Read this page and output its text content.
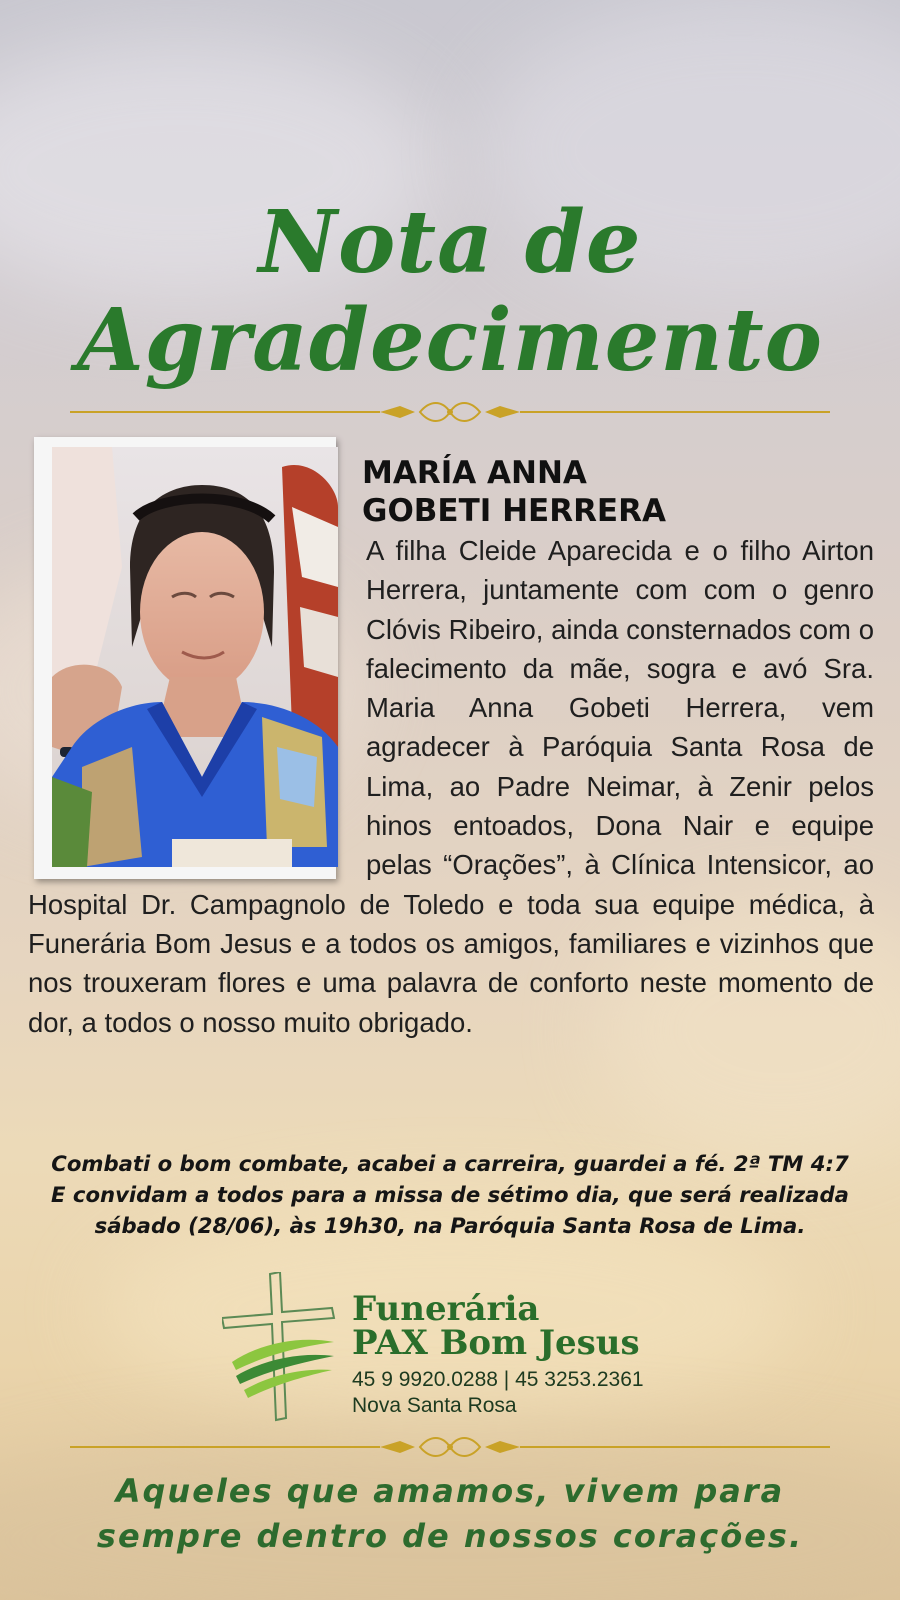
Nota de
Agradecimento
MARÍA ANNA
GOBETI HERRERA

A filha Cleide Aparecida e o filho Airton Herrera, juntamente com com o genro Clóvis Ribeiro, ainda consternados com o falecimento da mãe, sogra e avó Sra. Maria Anna Gobeti Herrera, vem agradecer à Paróquia Santa Rosa de Lima, ao Padre Neimar, à Zenir pelos hinos entoados, Dona Nair e equipe pelas “Orações”, à Clínica Intensicor, ao Hospital Dr. Campagnolo de Toledo e toda sua equipe médica, à Funerária Bom Jesus e a todos os amigos, familiares e vizinhos que nos trouxeram flores e uma palavra de conforto neste momento de dor, a todos o nosso muito obrigado.

Combati o bom combate, acabei a carreira, guardei a fé. 2ª TM 4:7
E convidam a todos para a missa de sétimo dia, que será realizada
sábado (28/06), às 19h30, na Paróquia Santa Rosa de Lima.

Funerária

PAX Bom Jesus

45 9 9920.0288 | 45 3253.2361

Nova Santa Rosa

Aqueles que amamos, vivem para
sempre dentro de nossos corações.
